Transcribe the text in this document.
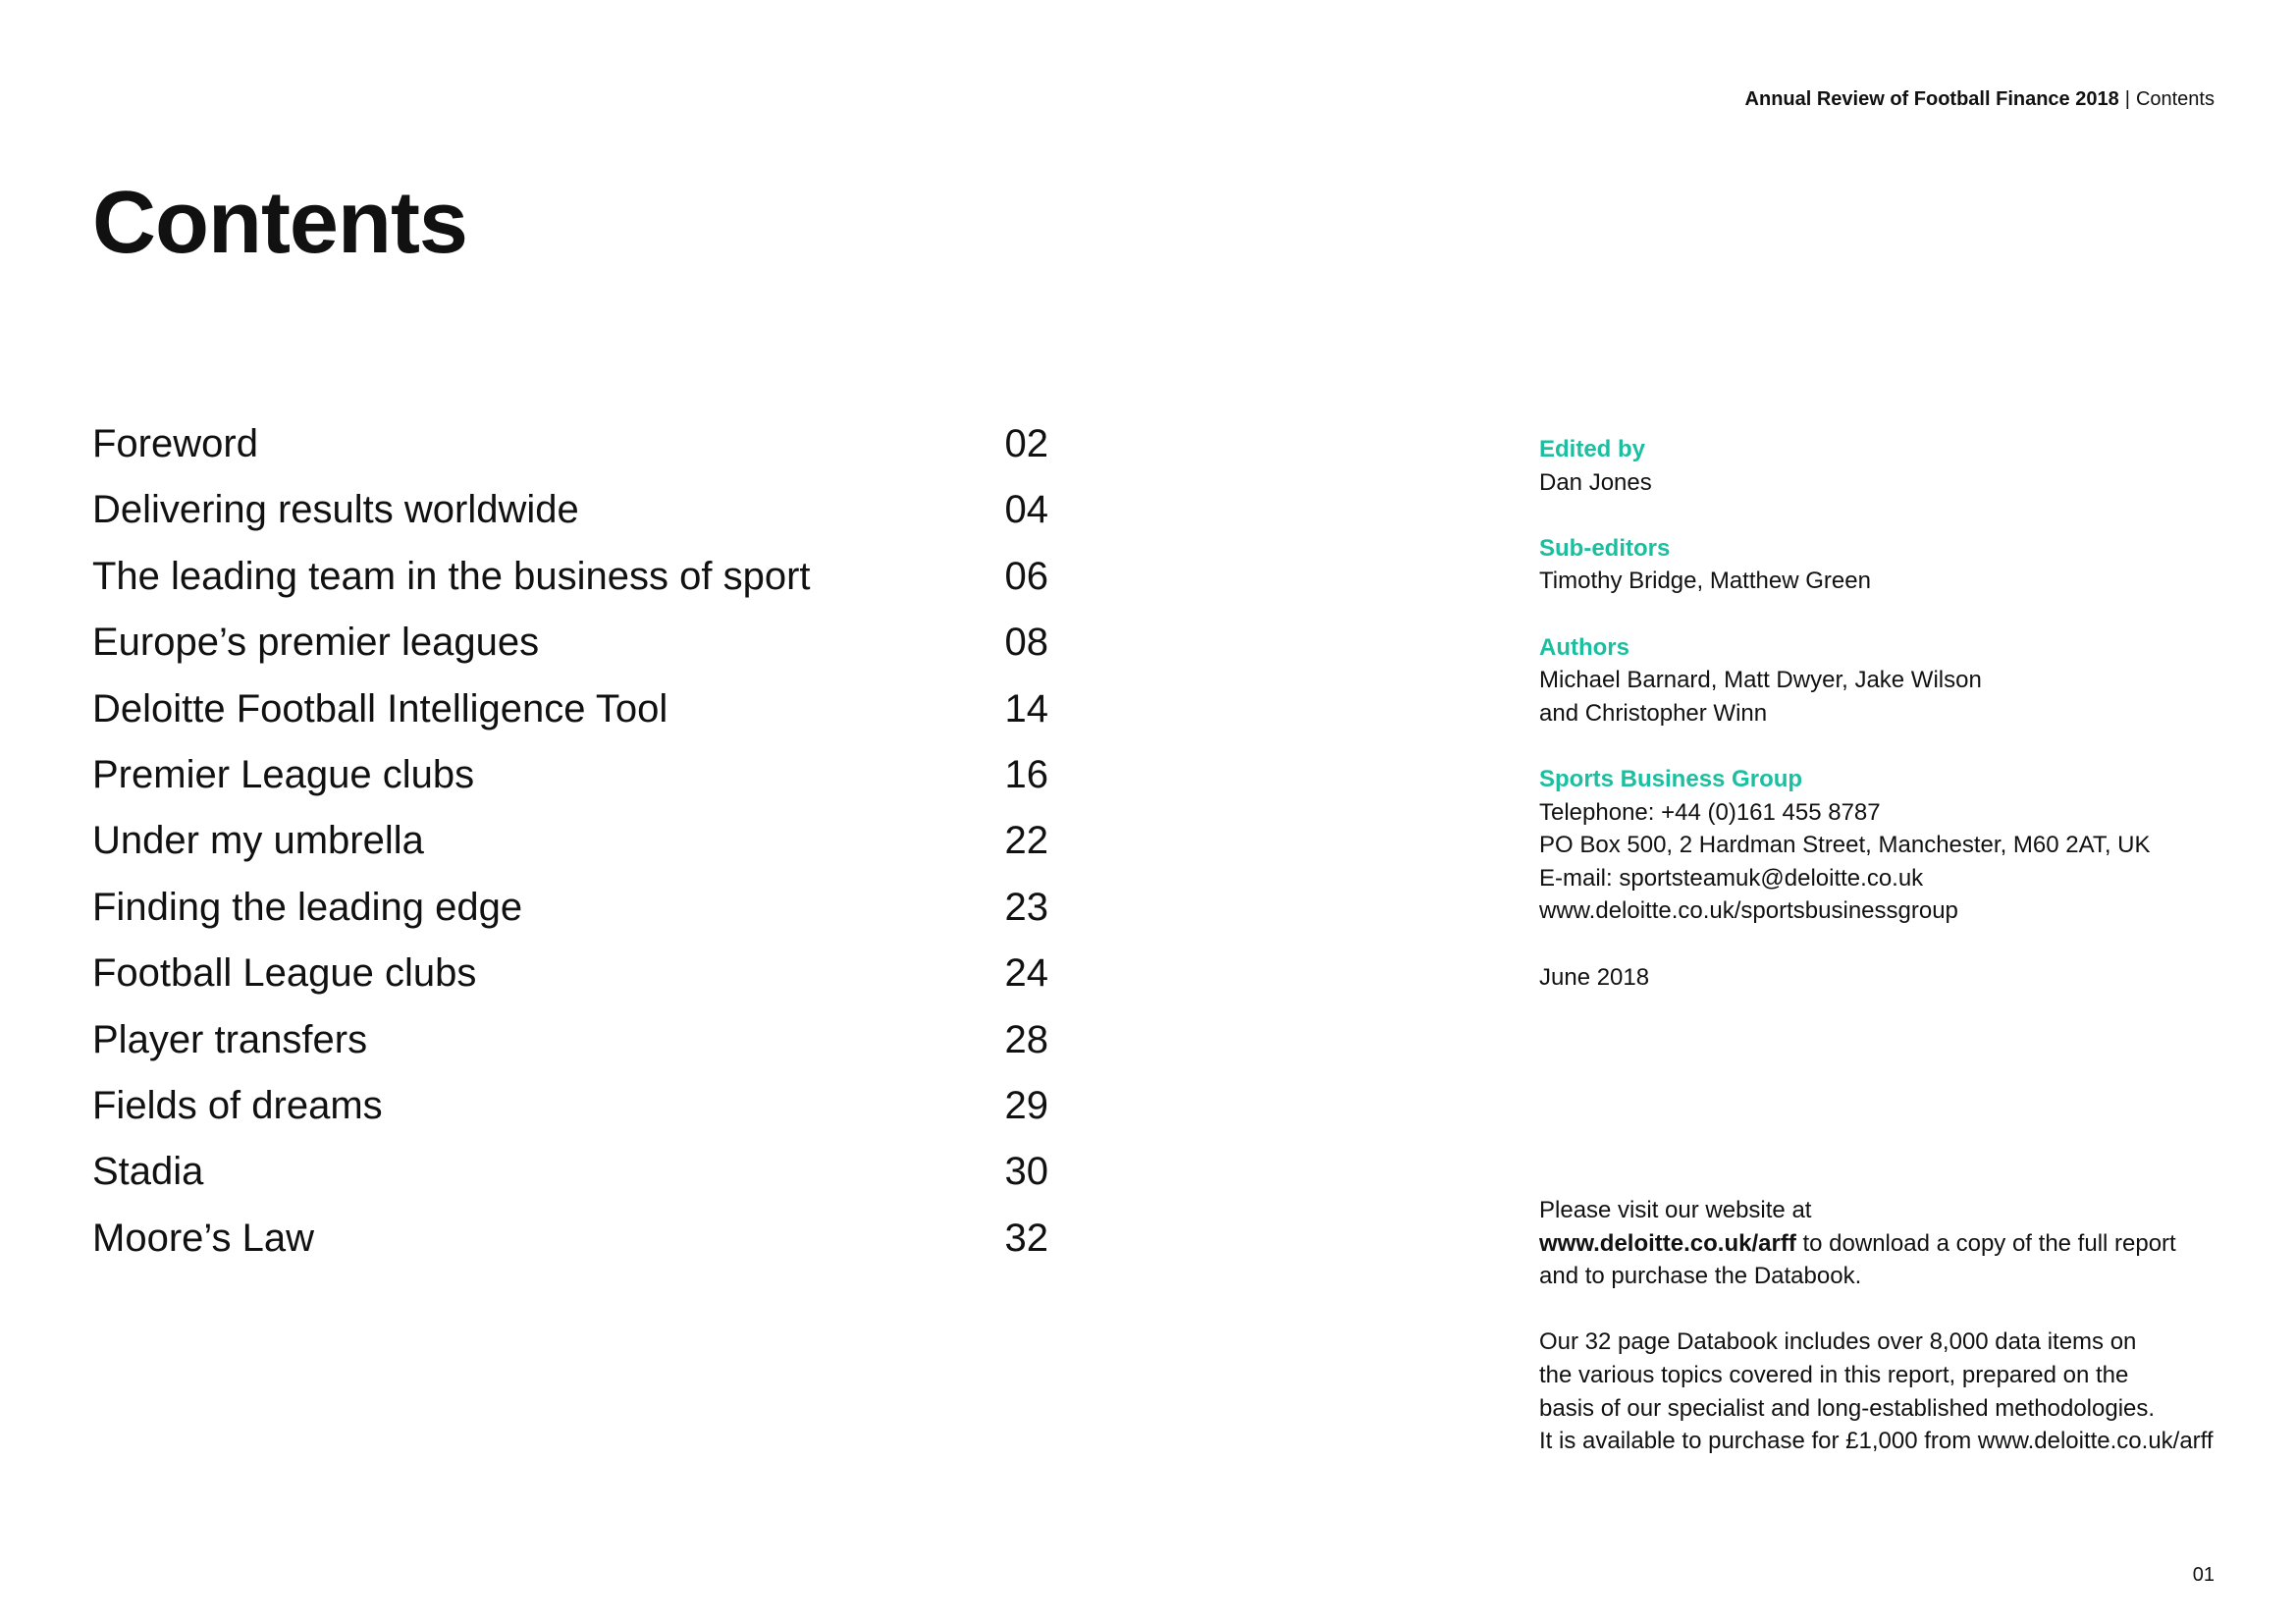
Annual Review of Football Finance 2018 | Contents
Contents
Foreword	02
Delivering results worldwide	04
The leading team in the business of sport	06
Europe’s premier leagues	08
Deloitte Football Intelligence Tool	14
Premier League clubs	16
Under my umbrella	22
Finding the leading edge	23
Football League clubs	24
Player transfers	28
Fields of dreams	29
Stadia	30
Moore’s Law	32
Edited by
Dan Jones
Sub-editors
Timothy Bridge, Matthew Green
Authors
Michael Barnard, Matt Dwyer, Jake Wilson
and Christopher Winn
Sports Business Group
Telephone: +44 (0)161 455 8787
PO Box 500, 2 Hardman Street, Manchester, M60 2AT, UK
E-mail: sportsteamuk@deloitte.co.uk
www.deloitte.co.uk/sportsbusinessgroup
June 2018

Please visit our website at
www.deloitte.co.uk/arff to download a copy of the full report
and to purchase the Databook.

Our 32 page Databook includes over 8,000 data items on
the various topics covered in this report, prepared on the
basis of our specialist and long-established methodologies.
It is available to purchase for £1,000 from www.deloitte.co.uk/arff

01
